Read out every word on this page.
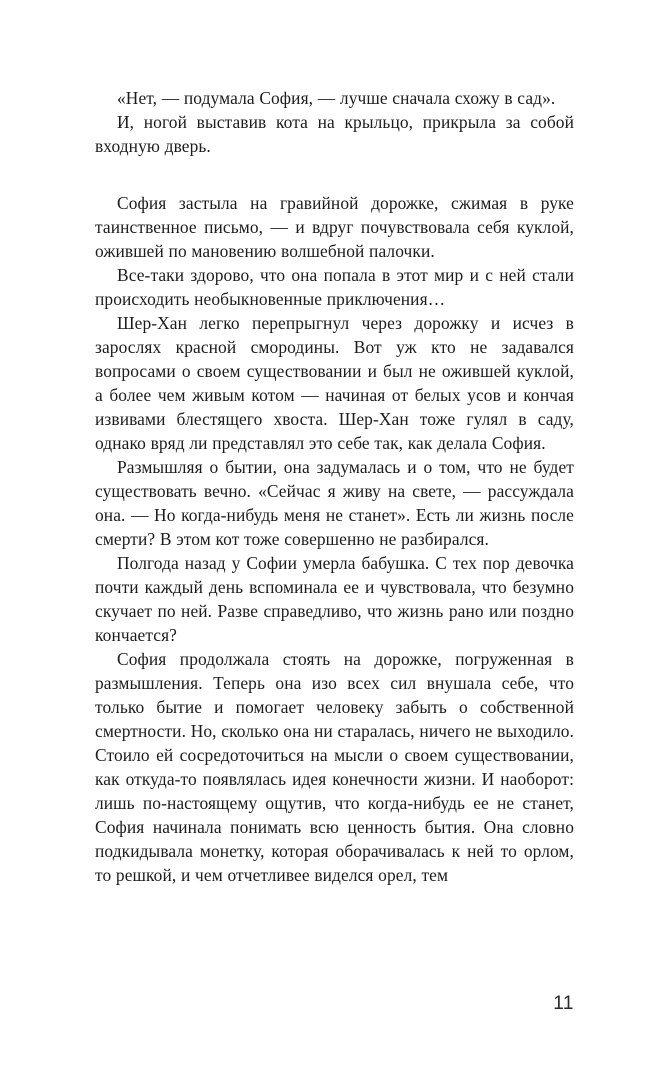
«Нет, — подумала София, — лучше сначала схожу в сад».

И, ногой выставив кота на крыльцо, прикрыла за собой входную дверь.

София застыла на гравийной дорожке, сжимая в руке таинственное письмо, — и вдруг почувствовала себя куклой, ожившей по мановению волшебной палочки.

Все-таки здорово, что она попала в этот мир и с ней стали происходить необыкновенные приключения…

Шер-Хан легко перепрыгнул через дорожку и исчез в зарослях красной смородины. Вот уж кто не задавался вопросами о своем существовании и был не ожившей куклой, а более чем живым котом — начиная от белых усов и кончая извивами блестящего хвоста. Шер-Хан тоже гулял в саду, однако вряд ли представлял это себе так, как делала София.

Размышляя о бытии, она задумалась и о том, что не будет существовать вечно. «Сейчас я живу на свете, — рассуждала она. — Но когда-нибудь меня не станет». Есть ли жизнь после смерти? В этом кот тоже совершенно не разбирался.

Полгода назад у Софии умерла бабушка. С тех пор девочка почти каждый день вспоминала ее и чувствовала, что безумно скучает по ней. Разве справедливо, что жизнь рано или поздно кончается?

София продолжала стоять на дорожке, погруженная в размышления. Теперь она изо всех сил внушала себе, что только бытие и помогает человеку забыть о собственной смертности. Но, сколько она ни старалась, ничего не выходило. Стоило ей сосредоточиться на мысли о своем существовании, как откуда-то появлялась идея конечности жизни. И наоборот: лишь по-настоящему ощутив, что когда-нибудь ее не станет, София начинала понимать всю ценность бытия. Она словно подкидывала монетку, которая оборачивалась к ней то орлом, то решкой, и чем отчетливее виделся орел, тем

11
